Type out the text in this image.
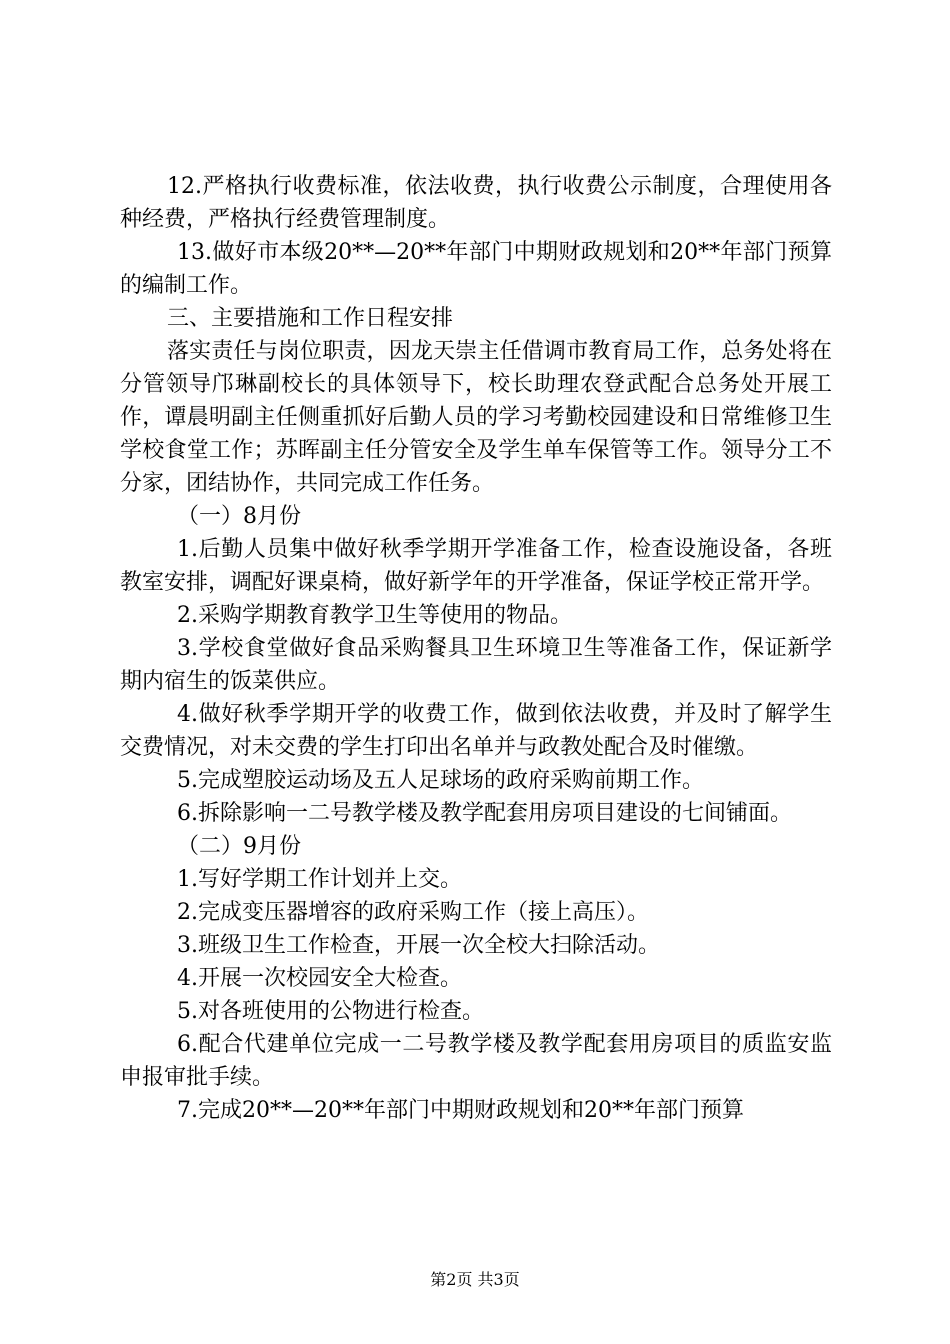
12.严格执行收费标准，依法收费，执行收费公示制度，合理使用各种经费，严格执行经费管理制度。

13.做好市本级20**—20**年部门中期财政规划和20**年部门预算的编制工作。

三、主要措施和工作日程安排

落实责任与岗位职责，因龙天崇主任借调市教育局工作，总务处将在分管领导邝琳副校长的具体领导下，校长助理农登武配合总务处开展工作，谭晨明副主任侧重抓好后勤人员的学习考勤校园建设和日常维修卫生学校食堂工作；苏晖副主任分管安全及学生单车保管等工作。领导分工不分家，团结协作，共同完成工作任务。

（一）8月份

1.后勤人员集中做好秋季学期开学准备工作，检查设施设备，各班教室安排，调配好课桌椅，做好新学年的开学准备，保证学校正常开学。

2.采购学期教育教学卫生等使用的物品。

3.学校食堂做好食品采购餐具卫生环境卫生等准备工作，保证新学期内宿生的饭菜供应。

4.做好秋季学期开学的收费工作，做到依法收费，并及时了解学生交费情况，对未交费的学生打印出名单并与政教处配合及时催缴。

5.完成塑胶运动场及五人足球场的政府采购前期工作。

6.拆除影响一二号教学楼及教学配套用房项目建设的七间铺面。

（二）9月份

1.写好学期工作计划并上交。

2.完成变压器增容的政府采购工作（接上高压）。

3.班级卫生工作检查，开展一次全校大扫除活动。

4.开展一次校园安全大检查。

5.对各班使用的公物进行检查。

6.配合代建单位完成一二号教学楼及教学配套用房项目的质监安监申报审批手续。

7.完成20**—20**年部门中期财政规划和20**年部门预算

第2页 共3页
